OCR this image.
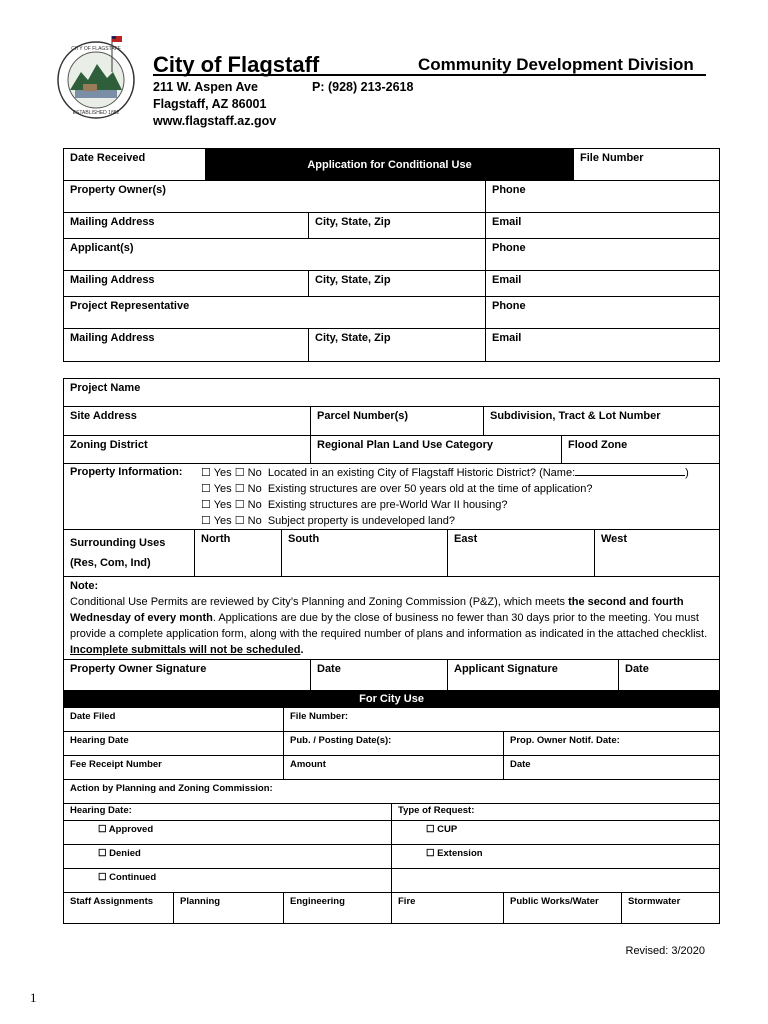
ESTABLISHED 1882
CITY OF FLAGSTAFF
City of Flagstaff	Community Development Division
211 W. Aspen Ave
Flagstaff, AZ 86001
www.flagstaff.az.gov
P: (928) 213-2618
Date Received	Application for Conditional Use			File Number
Property Owner(s)			Phone	
Mailing Address		City, State, Zip	Email	
Applicant(s)			Phone	
Mailing Address		City, State, Zip	Email	
Project Representative			Phone	
Mailing Address		City, State, Zip	Email	
Project Name								
Site Address			Parcel Number(s)		Subdivision, Tract & Lot Number			
Zoning District			Regional Plan Land Use Category			Flood Zone		

Property Information: ☐ Yes ☐ No Located in an existing City of Flagstaff Historic District? (Name: )
☐ Yes ☐ No Existing structures are over 50 years old at the time of application?
☐ Yes ☐ No Existing structures are pre-World War II housing?
☐ Yes ☐ No Subject property is undeveloped land?								

Surrounding Uses
(Res, Com, Ind)	North	South		East			West	
Note:
Conditional Use Permits are reviewed by City’s Planning and Zoning Commission (P&Z), which meets the second and fourth Wednesday of every month. Applications are due by the close of business no fewer than 30 days prior to the meeting. You must provide a complete application form, along with the required number of plans and information as indicated in the attached checklist. Incomplete submittals will not be scheduled.								
Property Owner Signature			Date	Applicant Signature				Date
For City Use					
Date Filed		File Number:			
Hearing Date		Pub. / Posting Date(s):		Prop. Owner Notif. Date:	
Fee Receipt Number		Amount		Date	
Action by Planning and Zoning Commission:					
Hearing Date:			Type of Request:		
☐ Approved			☐ CUP		
☐ Denied			☐ Extension		
☐ Continued					
Staff Assignments	Planning	Engineering	Fire	Public Works/Water	Stormwater
Revised: 3/2020
1
